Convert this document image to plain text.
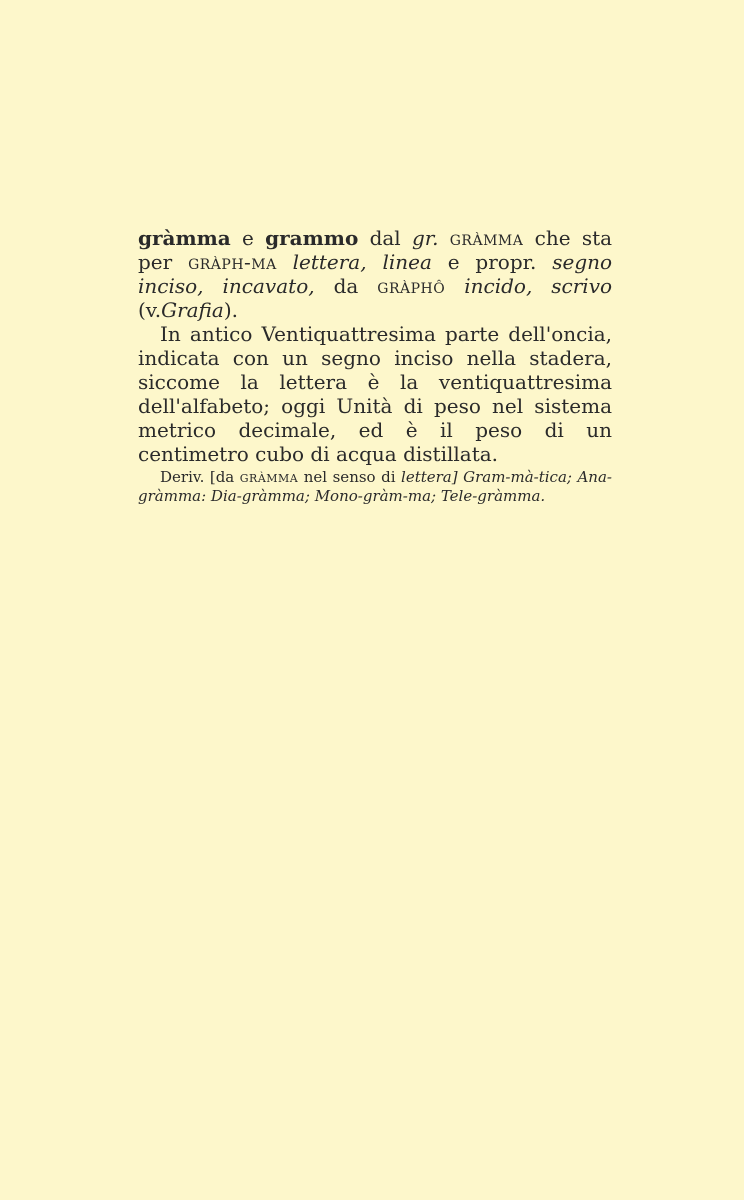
gràmma e grammo dal gr. gràmma che sta per gràph-ma lettera, linea e propr. segno inciso, incavato, da gràphô incido, scrivo (v.Grafia).

In antico Ventiquattresima parte dell'oncia, indicata con un segno inciso nella stadera, siccome la lettera è la ventiquattresima dell'alfabeto; oggi Unità di peso nel sistema metrico decimale, ed è il peso di un centimetro cubo di acqua distillata.

Deriv. [da gràmma nel senso di lettera] Gram-mà-tica; Ana-gràmma: Dia-gràmma; Mono-gràm-ma; Tele-gràmma.
